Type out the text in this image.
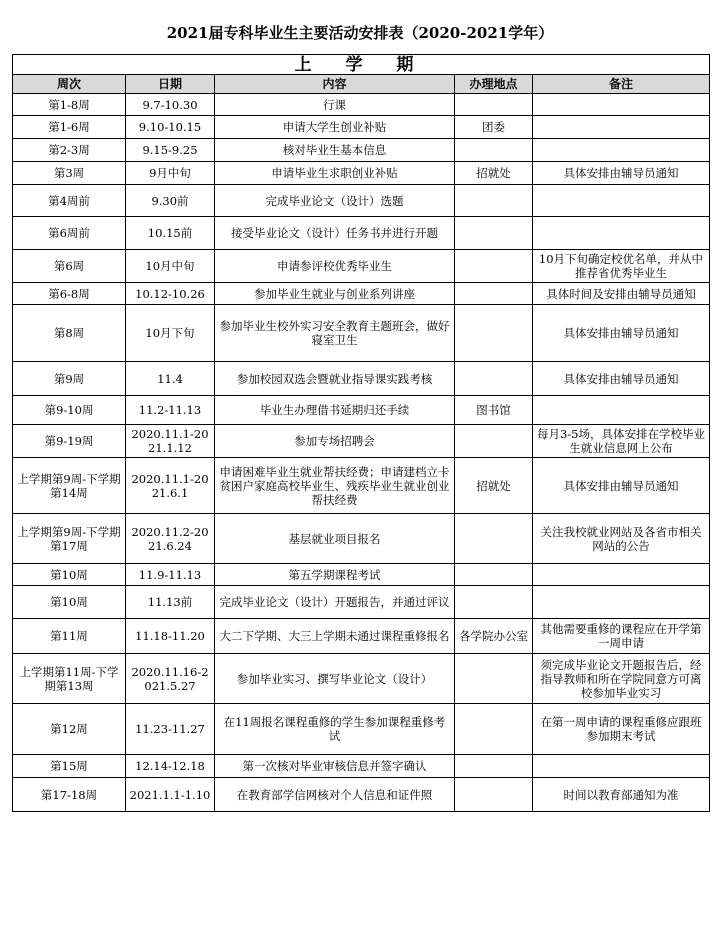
2021届专科毕业生主要活动安排表（2020-2021学年）
上 学 期				
周次	日期	内容	办理地点	备注
第1-8周	9.7-10.30	行课		
第1-6周	9.10-10.15	申请大学生创业补贴	团委	
第2-3周	9.15-9.25	核对毕业生基本信息		
第3周	9月中旬	申请毕业生求职创业补贴	招就处	具体安排由辅导员通知
第4周前	9.30前	完成毕业论文（设计）选题		
第6周前	10.15前	接受毕业论文（设计）任务书并进行开题		
第6周	10月中旬	申请参评校优秀毕业生		10月下旬确定校优名单，并从中推荐省优秀毕业生
第6-8周	10.12-10.26	参加毕业生就业与创业系列讲座		具体时间及安排由辅导员通知
第8周	10月下旬	参加毕业生校外实习安全教育主题班会，做好寝室卫生		具体安排由辅导员通知
第9周	11.4	参加校园双选会暨就业指导课实践考核		具体安排由辅导员通知
第9-10周	11.2-11.13	毕业生办理借书延期归还手续	图书馆	
第9-19周	2020.11.1-2021.1.12	参加专场招聘会		每月3-5场，具体安排在学校毕业生就业信息网上公布
上学期第9周-下学期第14周	2020.11.1-2021.6.1	申请困难毕业生就业帮扶经费；申请建档立卡贫困户家庭高校毕业生、残疾毕业生就业创业帮扶经费	招就处	具体安排由辅导员通知
上学期第9周-下学期第17周	2020.11.2-2021.6.24	基层就业项目报名		关注我校就业网站及各省市相关网站的公告
第10周	11.9-11.13	第五学期课程考试		
第10周	11.13前	完成毕业论文（设计）开题报告，并通过评议		
第11周	11.18-11.20	大二下学期、大三上学期未通过课程重修报名	各学院办公室	其他需要重修的课程应在开学第一周申请
上学期第11周-下学期第13周	2020.11.16-2021.5.27	参加毕业实习、撰写毕业论文（设计）		须完成毕业论文开题报告后，经指导教师和所在学院同意方可离校参加毕业实习
第12周	11.23-11.27	在11周报名课程重修的学生参加课程重修考试		在第一周申请的课程重修应跟班参加期末考试
第15周	12.14-12.18	第一次核对毕业审核信息并签字确认		
第17-18周	2021.1.1-1.10	在教育部学信网核对个人信息和证件照		时间以教育部通知为准
